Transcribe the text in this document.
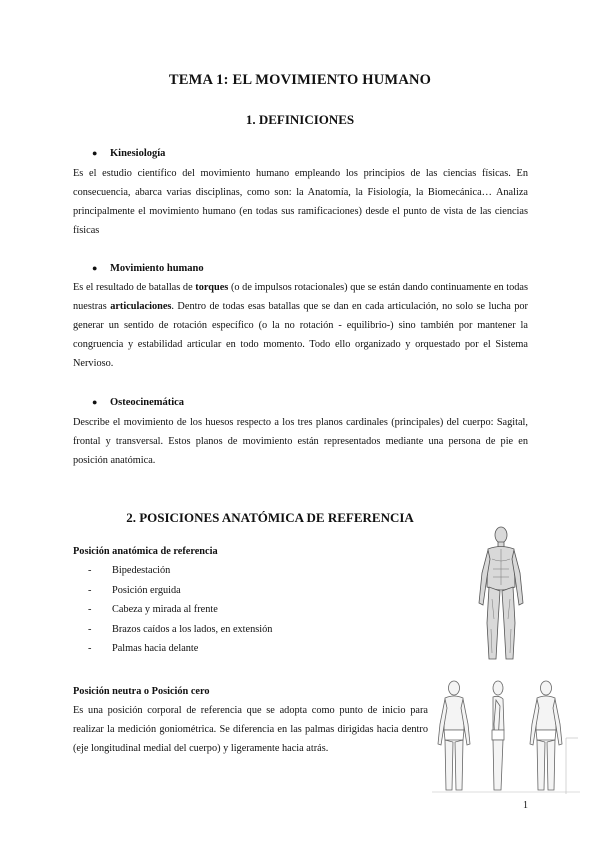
TEMA 1: EL MOVIMIENTO HUMANO
1. DEFINICIONES
● Kinesiología
Es el estudio científico del movimiento humano empleando los principios de las ciencias físicas. En consecuencia, abarca varias disciplinas, como son: la Anatomía, la Fisiología, la Biomecánica… Analiza principalmente el movimiento humano (en todas sus ramificaciones) desde el punto de vista de las ciencias físicas
● Movimiento humano
Es el resultado de batallas de torques (o de impulsos rotacionales) que se están dando continuamente en todas nuestras articulaciones. Dentro de todas esas batallas que se dan en cada articulación, no solo se lucha por generar un sentido de rotación específico (o la no rotación - equilibrio-) sino también por mantener la congruencia y estabilidad articular en todo momento. Todo ello organizado y orquestado por el Sistema Nervioso.
● Osteocinemática
Describe el movimiento de los huesos respecto a los tres planos cardinales (principales) del cuerpo: Sagital, frontal y transversal. Estos planos de movimiento están representados mediante una persona de pie en posición anatómica.
2. POSICIONES ANATÓMICA DE REFERENCIA
Posición anatómica de referencia
- Bipedestación
- Posición erguida
- Cabeza y mirada al frente
- Brazos caídos a los lados, en extensión
- Palmas hacia delante
Posición neutra o Posición cero
Es una posición corporal de referencia que se adopta como punto de inicio para realizar la medición goniométrica. Se diferencia en las palmas dirigidas hacia dentro (eje longitudinal medial del cuerpo) y ligeramente hacia atrás.
1
